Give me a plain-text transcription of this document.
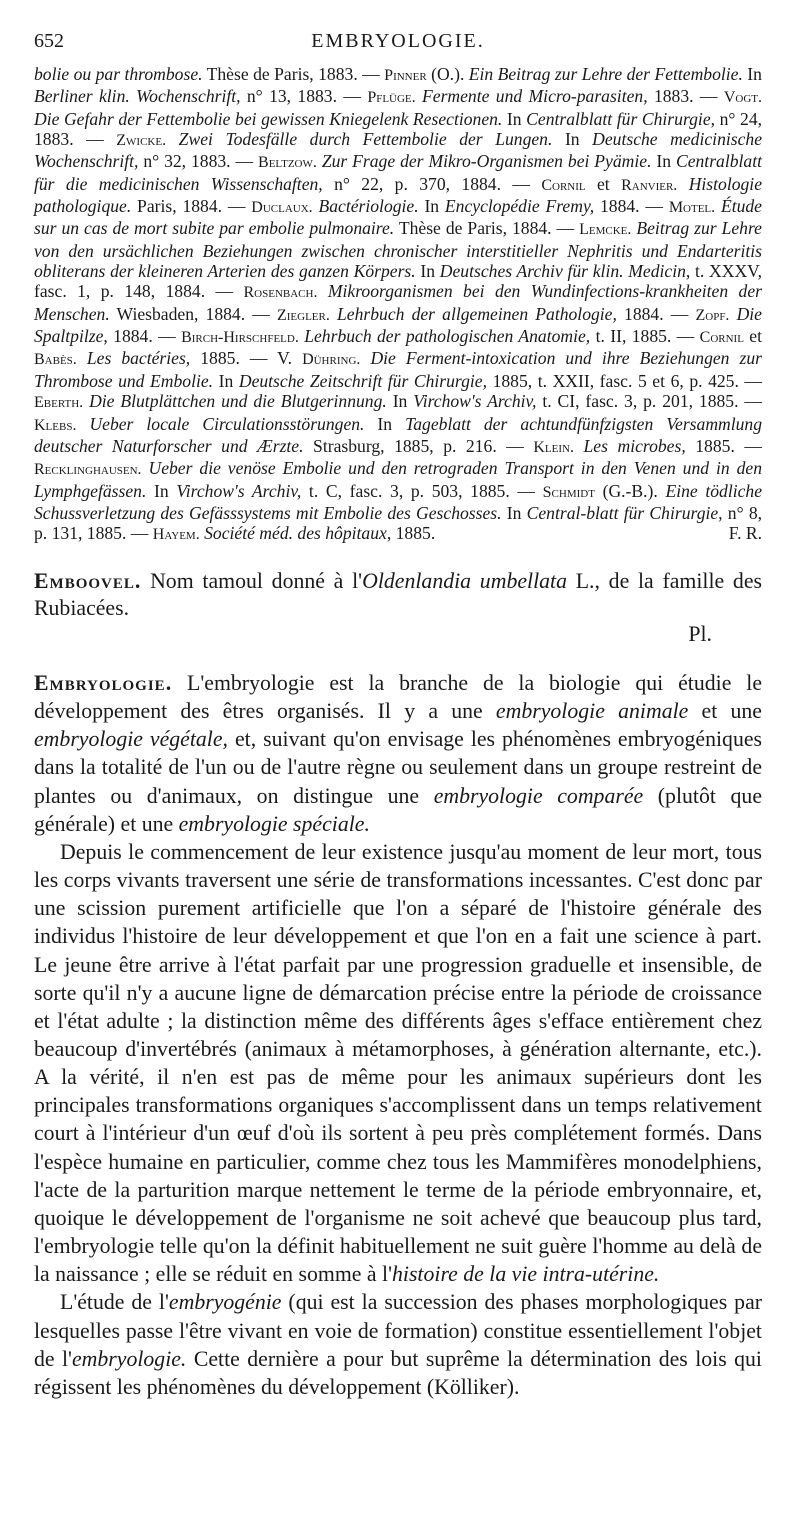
652	EMBRYOLOGIE.

bolie ou par thrombose. Thèse de Paris, 1883. — Pinner (O.). Ein Beitrag zur Lehre der Fettembolie. In Berliner klin. Wochenschrift, n° 13, 1883. — Pflüge. Fermente und Micro-parasiten, 1883. — Vogt. Die Gefahr der Fettembolie bei gewissen Kniegelenk Resectionen. In Centralblatt für Chirurgie, n° 24, 1883. — Zwicke. Zwei Todesfälle durch Fettembolie der Lungen. In Deutsche medicinische Wochenschrift, n° 32, 1883. — Beltzow. Zur Frage der Mikro-Organismen bei Pyämie. In Centralblatt für die medicinischen Wissenschaften, n° 22, p. 370, 1884. — Cornil et Ranvier. Histologie pathologique. Paris, 1884. — Duclaux. Bactériologie. In Encyclopédie Fremy, 1884. — Motel. Étude sur un cas de mort subite par embolie pulmonaire. Thèse de Paris, 1884. — Lemcke. Beitrag zur Lehre von den ursächlichen Beziehungen zwischen chronischer interstitieller Nephritis und Endarteritis obliterans der kleineren Arterien des ganzen Körpers. In Deutsches Archiv für klin. Medicin, t. XXXV, fasc. 1, p. 148, 1884. — Rosenbach. Mikroorganismen bei den Wundinfections-krankheiten der Menschen. Wiesbaden, 1884. — Ziegler. Lehrbuch der allgemeinen Pathologie, 1884. — Zopf. Die Spaltpilze, 1884. — Birch-Hirschfeld. Lehrbuch der pathologischen Anatomie, t. II, 1885. — Cornil et Babès. Les bactéries, 1885. — V. Dühring. Die Ferment-intoxication und ihre Beziehungen zur Thrombose und Embolie. In Deutsche Zeitschrift für Chirurgie, 1885, t. XXII, fasc. 5 et 6, p. 425. — Eberth. Die Blutplättchen und die Blutgerinnung. In Virchow's Archiv, t. CI, fasc. 3, p. 201, 1885. — Klebs. Ueber locale Circulationsstörungen. In Tageblatt der achtundfünfzigsten Versammlung deutscher Naturforscher und Ærzte. Strasburg, 1885, p. 216. — Klein. Les microbes, 1885. — Recklinghausen. Ueber die venöse Embolie und den retrograden Transport in den Venen und in den Lymphgefässen. In Virchow's Archiv, t. C, fasc. 3, p. 503, 1885. — Schmidt (G.-B.). Eine tödliche Schussverletzung des Gefässsystems mit Embolie des Geschosses. In Central-blatt für Chirurgie, n° 8, p. 131, 1885. — Hayem. Société méd. des hôpitaux, 1885.	F. R.

Emboovel. Nom tamoul donné à l'Oldenlandia umbellata L., de la famille des Rubiacées.
Pl.

Embryologie. L'embryologie est la branche de la biologie qui étudie le développement des êtres organisés. Il y a une embryologie animale et une embryologie végétale, et, suivant qu'on envisage les phénomènes embryogéniques dans la totalité de l'un ou de l'autre règne ou seulement dans un groupe restreint de plantes ou d'animaux, on distingue une embryologie comparée (plutôt que générale) et une embryologie spéciale.

Depuis le commencement de leur existence jusqu'au moment de leur mort, tous les corps vivants traversent une série de transformations incessantes. C'est donc par une scission purement artificielle que l'on a séparé de l'histoire générale des individus l'histoire de leur développement et que l'on en a fait une science à part. Le jeune être arrive à l'état parfait par une progression graduelle et insensible, de sorte qu'il n'y a aucune ligne de démarcation précise entre la période de croissance et l'état adulte ; la distinction même des différents âges s'efface entièrement chez beaucoup d'invertébrés (animaux à métamorphoses, à génération alternante, etc.). A la vérité, il n'en est pas de même pour les animaux supérieurs dont les principales transformations organiques s'accomplissent dans un temps relativement court à l'intérieur d'un œuf d'où ils sortent à peu près complétement formés. Dans l'espèce humaine en particulier, comme chez tous les Mammifères monodelphiens, l'acte de la parturition marque nettement le terme de la période embryonnaire, et, quoique le développement de l'organisme ne soit achevé que beaucoup plus tard, l'embryologie telle qu'on la définit habituellement ne suit guère l'homme au delà de la naissance ; elle se réduit en somme à l'histoire de la vie intra-utérine.

L'étude de l'embryogénie (qui est la succession des phases morphologiques par lesquelles passe l'être vivant en voie de formation) constitue essentiellement l'objet de l'embryologie. Cette dernière a pour but suprême la détermination des lois qui régissent les phénomènes du développement (Kölliker).
